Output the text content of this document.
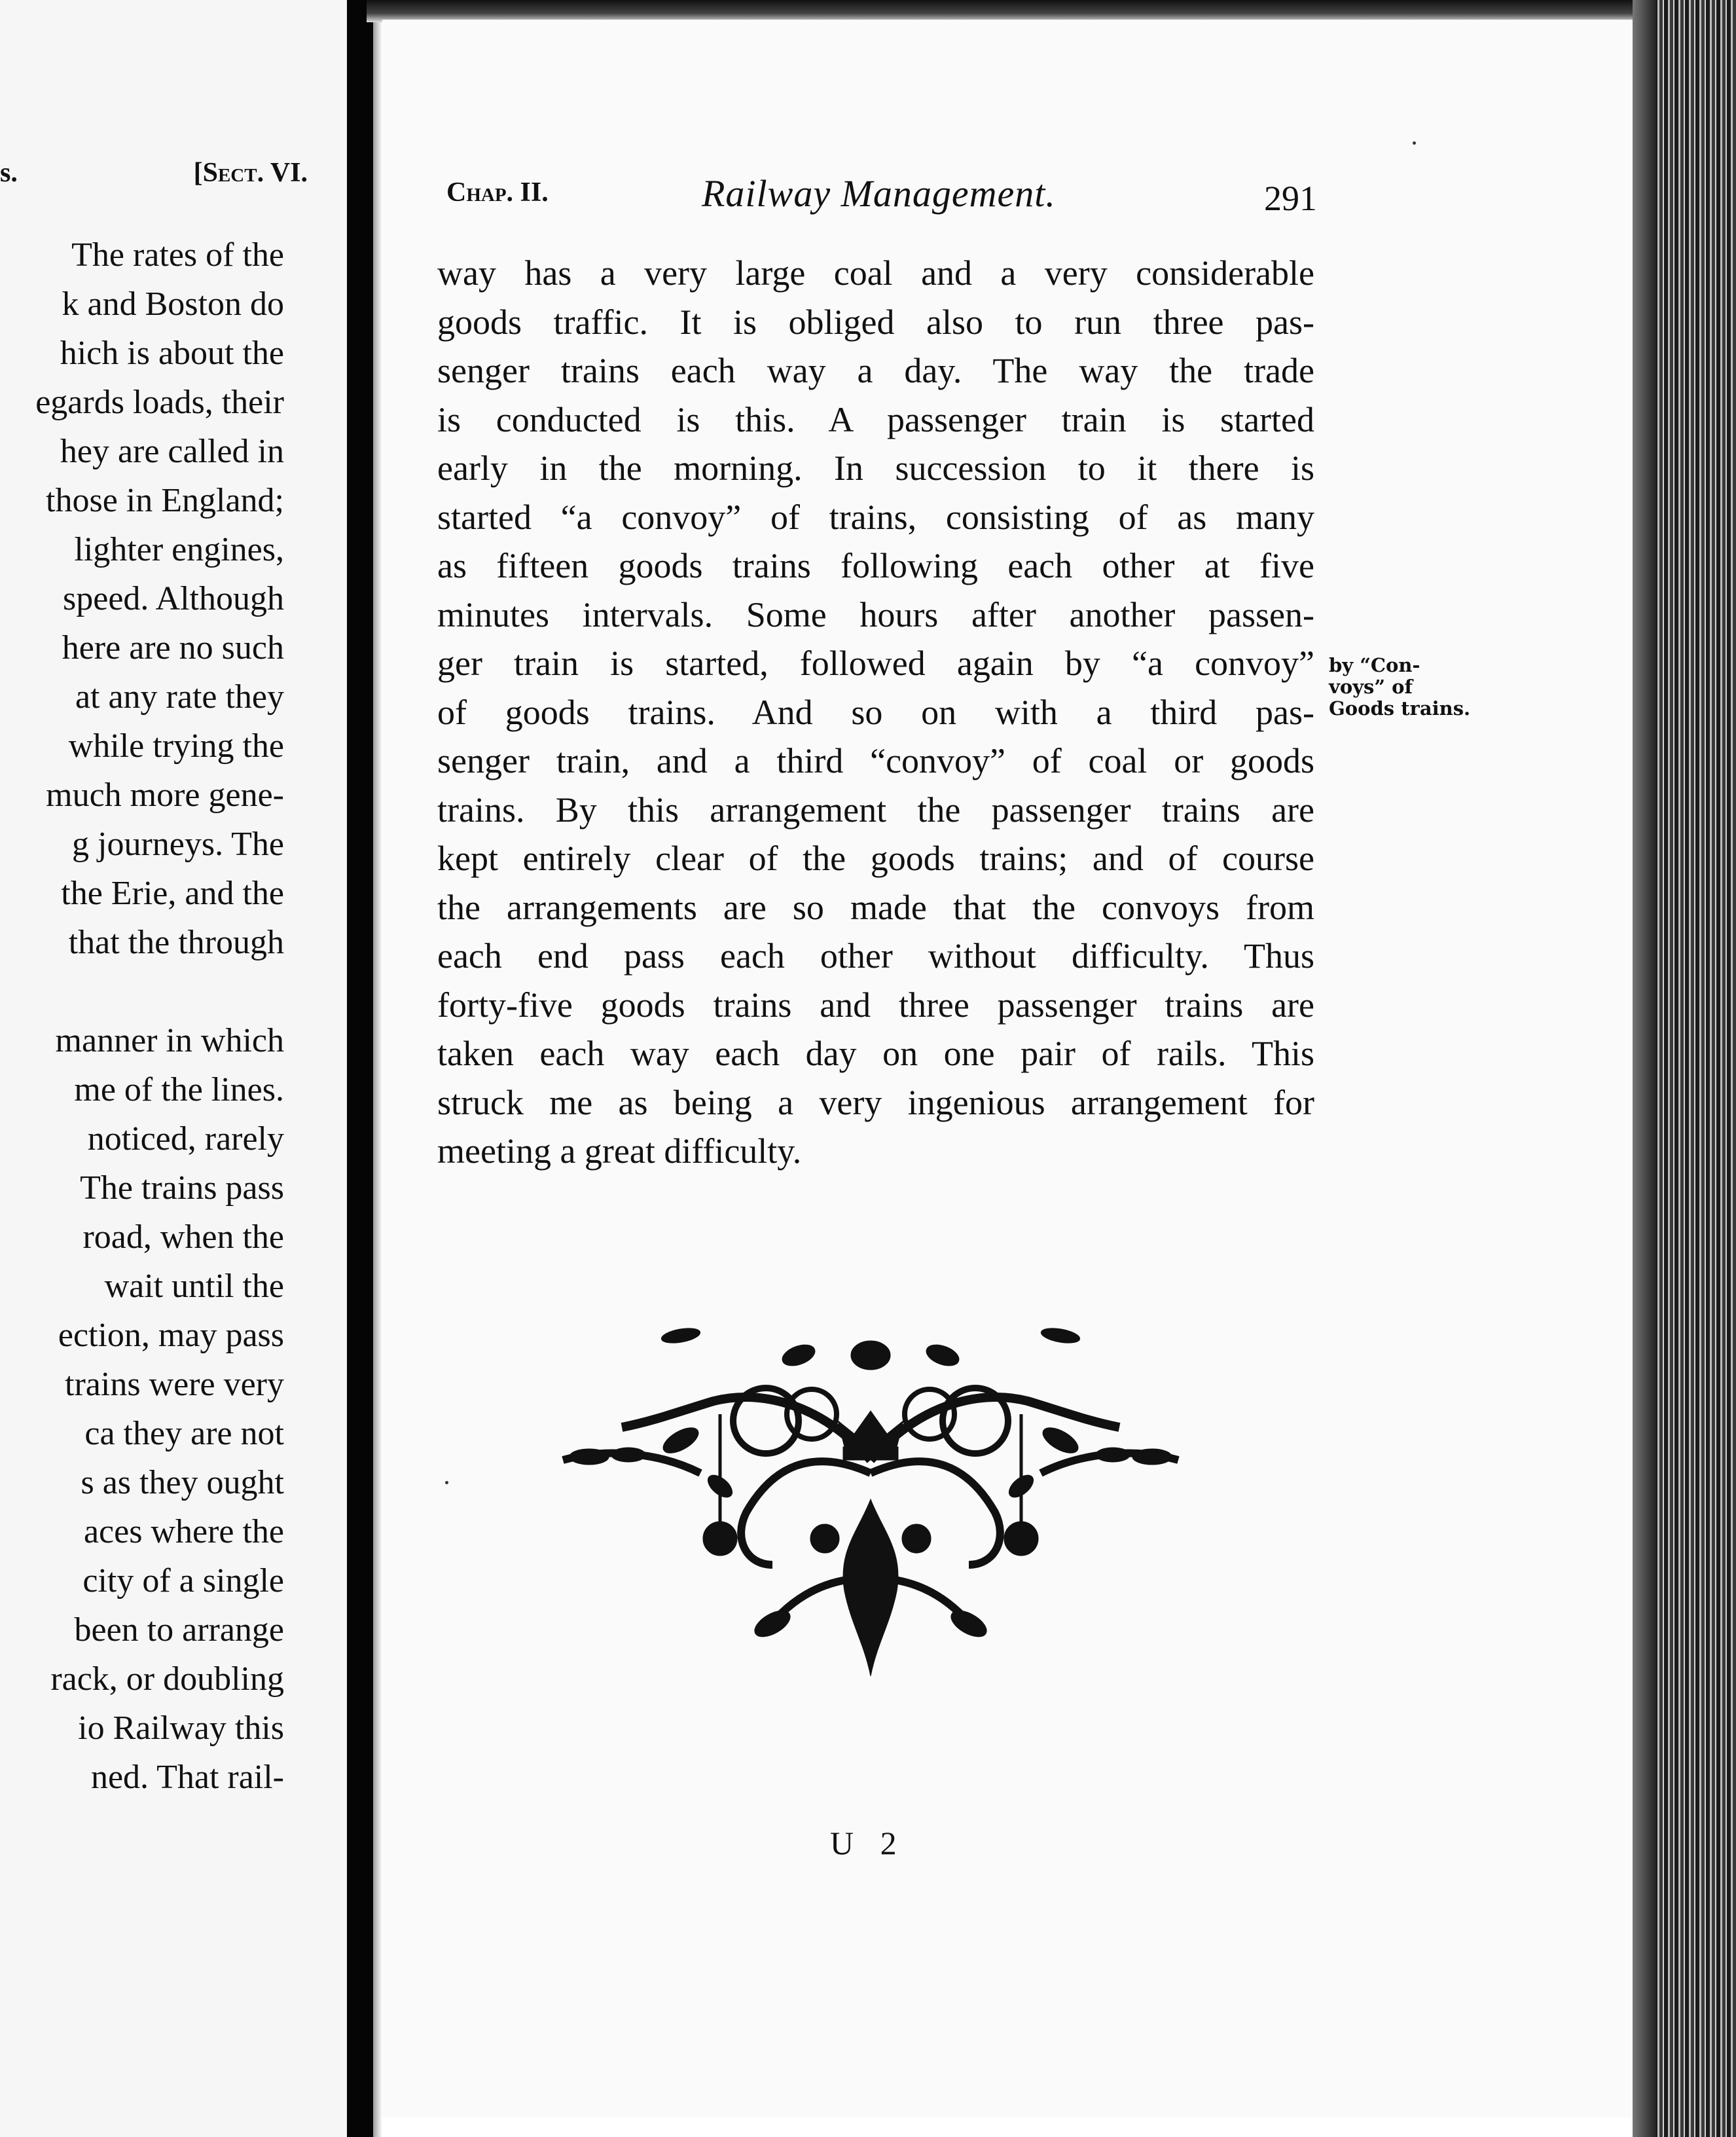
s.	[Sect. VI.
The rates of the
k and Boston do
hich is about the
egards loads, their
hey are called in
those in England;
lighter engines,
speed. Although
here are no such
at any rate they
while trying the
much more gene-
g journeys. The
the Erie, and the
that the through
manner in which
me of the lines.
noticed, rarely
The trains pass
road, when the
wait until the
ection, may pass
trains were very
ca they are not
s as they ought
aces where the
city of a single
been to arrange
rack, or doubling
io Railway this
ned. That rail-
Chap. II.	Railway Management.	291
way has a very large coal and a very considerable
goods traffic. It is obliged also to run three pas-
senger trains each way a day. The way the trade
is conducted is this. A passenger train is started
early in the morning. In succession to it there is
started “a convoy” of trains, consisting of as many
as fifteen goods trains following each other at five
minutes intervals. Some hours after another passen-
ger train is started, followed again by “a convoy”
of goods trains. And so on with a third pas-
senger train, and a third “convoy” of coal or goods
trains. By this arrangement the passenger trains are
kept entirely clear of the goods trains; and of course
the arrangements are so made that the convoys from
each end pass each other without difficulty. Thus
forty-five goods trains and three passenger trains are
taken each way each day on one pair of rails. This
struck me as being a very ingenious arrangement for
meeting a great difficulty.
by “Con-
voys” of
Goods trains.
U 2
